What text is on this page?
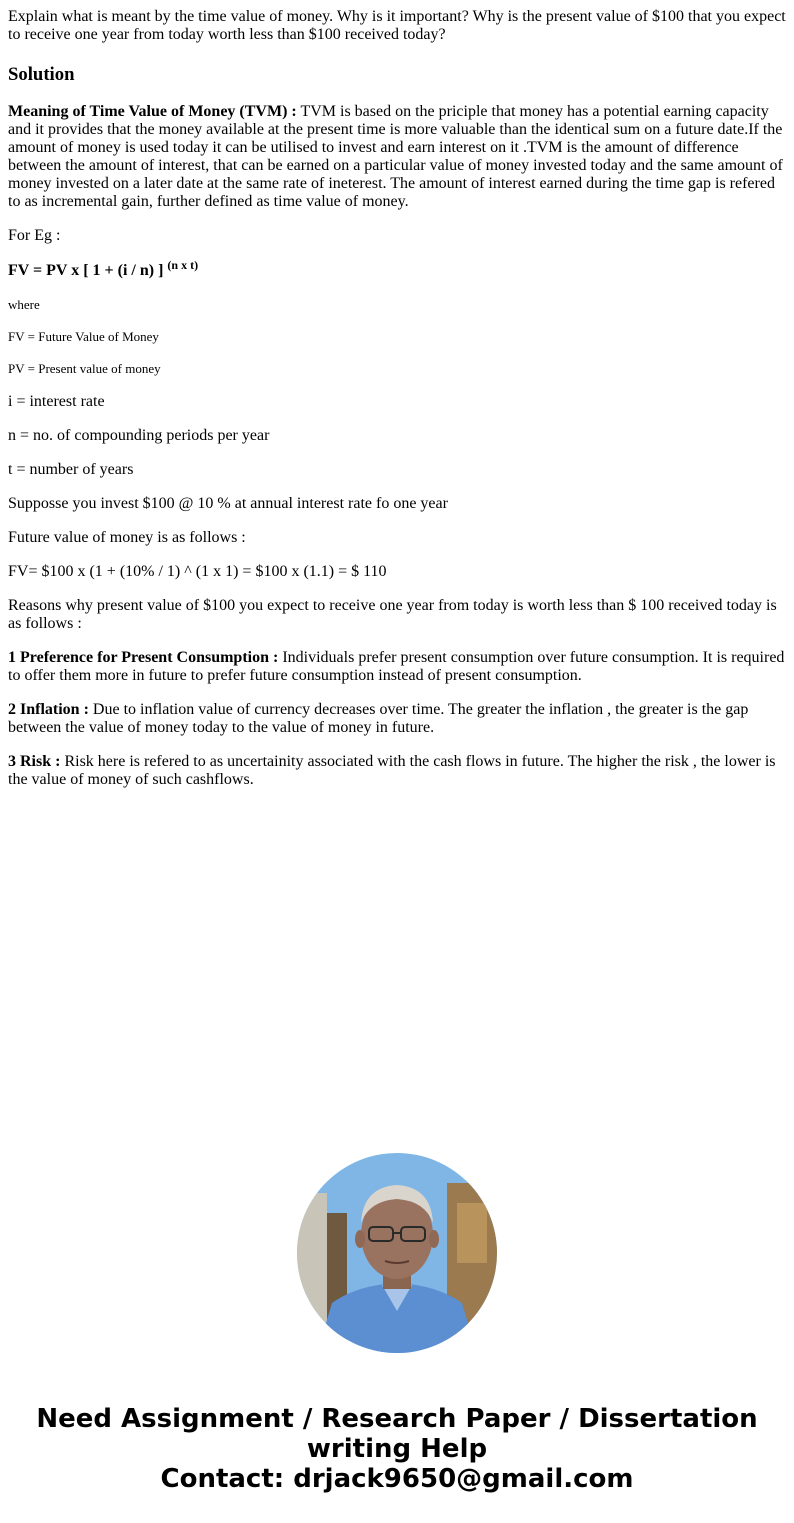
Explain what is meant by the time value of money. Why is it important? Why is the present value of $100 that you expect to receive one year from today worth less than $100 received today?

Solution

Meaning of Time Value of Money (TVM) : TVM is based on the priciple that money has a potential earning capacity and it provides that the money available at the present time is more valuable than the identical sum on a future date.If the amount of money is used today it can be utilised to invest and earn interest on it .TVM is the amount of difference between the amount of interest, that can be earned on a particular value of money invested today and the same amount of money invested on a later date at the same rate of ineterest. The amount of interest earned during the time gap is refered to as incremental gain, further defined as time value of money.

For Eg :

FV = PV x [ 1 + (i / n) ] $^{(n x t)}$

where

FV = Future Value of Money

PV = Present value of money

i = interest rate

n = no. of compounding periods per year

t = number of years

Supposse you invest $100 @ 10 % at annual interest rate fo one year

Future value of money is as follows :

FV= $100 x (1 + (10% / 1) ^ (1 x 1) = $100 x (1.1) = $ 110

Reasons why present value of $100 you expect to receive one year from today is worth less than $ 100 received today is as follows :

1 Preference for Present Consumption : Individuals prefer present consumption over future consumption. It is required to offer them more in future to prefer future consumption instead of present consumption.

2 Inflation : Due to inflation value of currency decreases over time. The greater the inflation , the greater is the gap between the value of money today to the value of money in future.

3 Risk : Risk here is refered to as uncertainity associated with the cash flows in future. The higher the risk , the lower is the value of money of such cashflows.

Need Assignment / Research Paper / Dissertation
writing Help
Contact: drjack9650@gmail.com
